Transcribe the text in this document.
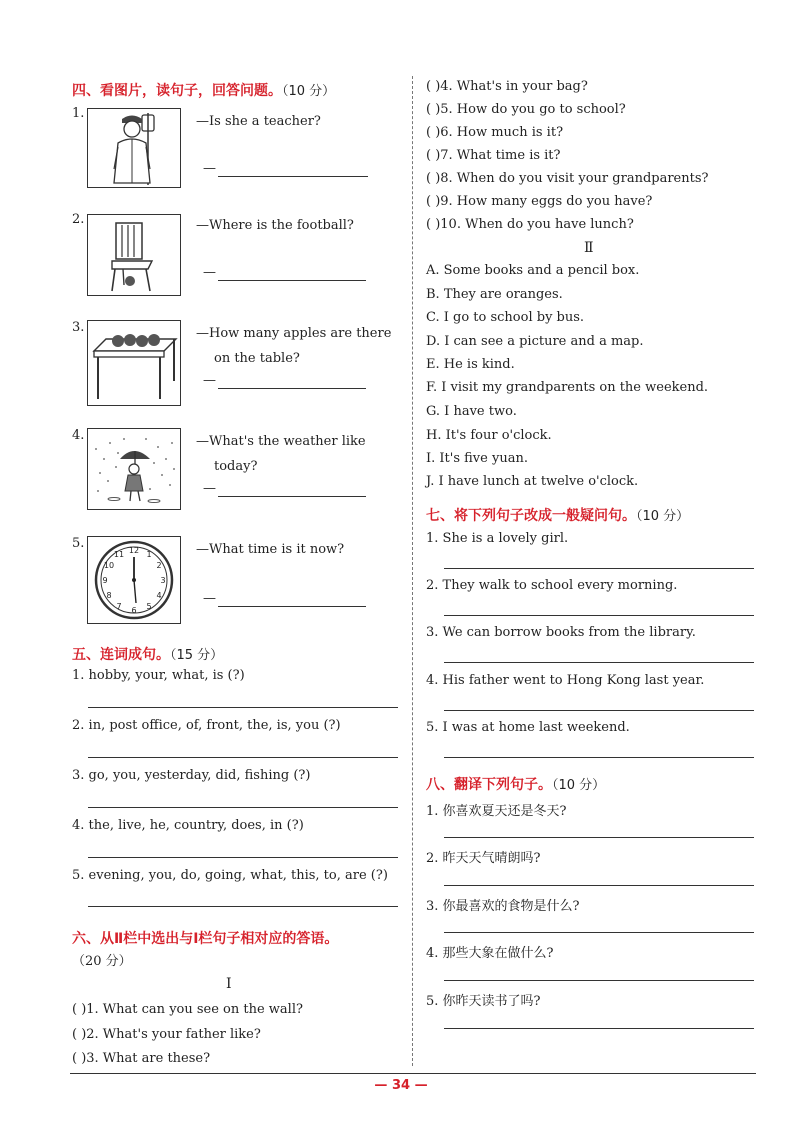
四、看图片，读句子，回答问题。（10 分）
1.
—Is she a teacher?
—
2.	—Where is the football?
—
3.	—How many apples are there
on the table?
—
4.	—What's the weather like
today?
—
5.	12 1
2
3
4
5
6
7
8
9
10
11	—What time is it now?
—
五、连词成句。（15 分）
1. hobby, your, what, is (?)
2. in, post office, of, front, the, is, you (?)
3. go, you, yesterday, did, fishing (?)
4. the, live, he, country, does, in (?)
5. evening, you, do, going, what, this, to, are (?)
六、从Ⅱ栏中选出与Ⅰ栏句子相对应的答语。
（20 分）
Ⅰ
( )1. What can you see on the wall?
( )2. What's your father like?
( )3. What are these?
( )4. What's in your bag?
( )5. How do you go to school?
( )6. How much is it?
( )7. What time is it?
( )8. When do you visit your grandparents?
( )9. How many eggs do you have?
( )10. When do you have lunch?
Ⅱ
A. Some books and a pencil box.
B. They are oranges.
C. I go to school by bus.
D. I can see a picture and a map.
E. He is kind.
F. I visit my grandparents on the weekend.
G. I have two.
H. It's four o'clock.
I. It's five yuan.
J. I have lunch at twelve o'clock.
七、将下列句子改成一般疑问句。（10 分）
1. She is a lovely girl.
2. They walk to school every morning.
3. We can borrow books from the library.
4. His father went to Hong Kong last year.
5. I was at home last weekend.
八、翻译下列句子。（10 分）
1. 你喜欢夏天还是冬天?
2. 昨天天气晴朗吗?
3. 你最喜欢的食物是什么?
4. 那些大象在做什么?
5. 你昨天读书了吗?
— 34 —
